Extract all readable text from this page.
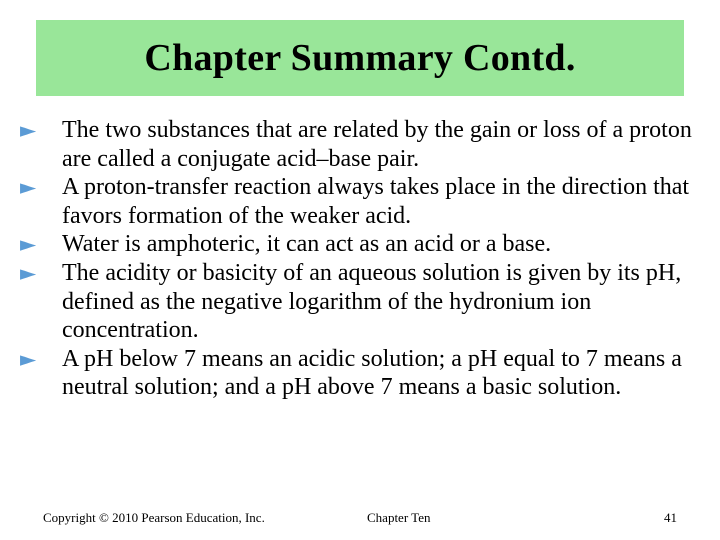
Chapter Summary Contd.
►	The two substances that are related by the gain or loss of a proton are called a conjugate acid–base pair.
►	A proton-transfer reaction always takes place in the direction that favors formation of the weaker acid.
►	Water is amphoteric, it can act as an acid or a base.
►	The acidity or basicity of an aqueous solution is given by its pH, defined as the negative logarithm of the hydronium ion concentration.
►	A pH below 7 means an acidic solution; a pH equal to 7 means a neutral solution; and a pH above 7 means a basic solution.
Copyright © 2010 Pearson Education, Inc.	Chapter Ten	41
